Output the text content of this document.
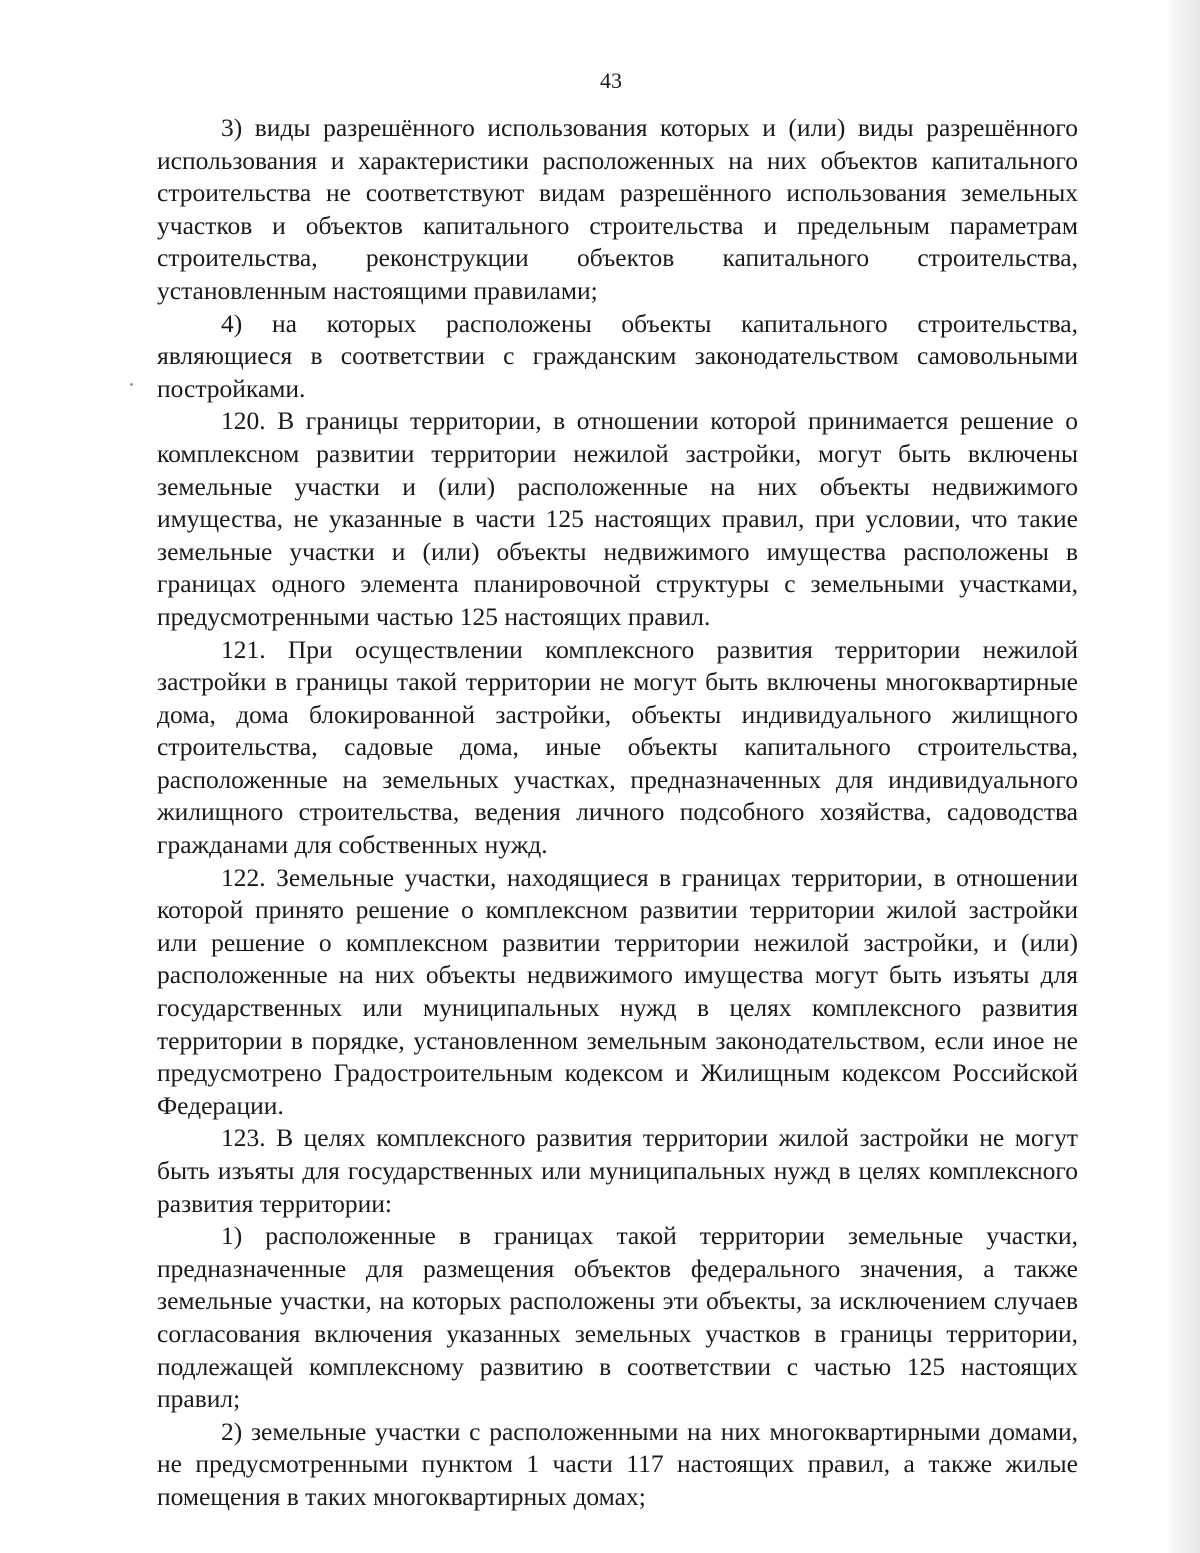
43

3) виды разрешённого использования которых и (или) виды разрешённого использования и характеристики расположенных на них объектов капитального строительства не соответствуют видам разрешённого использования земельных участков и объектов капитального строительства и предельным параметрам строительства, реконструкции объектов капитального строительства, установленным настоящими правилами;

4) на которых расположены объекты капитального строительства, являющиеся в соответствии с гражданским законодательством самовольными постройками.

120. В границы территории, в отношении которой принимается решение о комплексном развитии территории нежилой застройки, могут быть включены земельные участки и (или) расположенные на них объекты недвижимого имущества, не указанные в части 125 настоящих правил, при условии, что такие земельные участки и (или) объекты недвижимого имущества расположены в границах одного элемента планировочной структуры с земельными участками, предусмотренными частью 125 настоящих правил.

121. При осуществлении комплексного развития территории нежилой застройки в границы такой территории не могут быть включены многоквартирные дома, дома блокированной застройки, объекты индивидуального жилищного строительства, садовые дома, иные объекты капитального строительства, расположенные на земельных участках, предназначенных для индивидуального жилищного строительства, ведения личного подсобного хозяйства, садоводства гражданами для собственных нужд.

122. Земельные участки, находящиеся в границах территории, в отношении которой принято решение о комплексном развитии территории жилой застройки или решение о комплексном развитии территории нежилой застройки, и (или) расположенные на них объекты недвижимого имущества могут быть изъяты для государственных или муниципальных нужд в целях комплексного развития территории в порядке, установленном земельным законодательством, если иное не предусмотрено Градостроительным кодексом и Жилищным кодексом Российской Федерации.

123. В целях комплексного развития территории жилой застройки не могут быть изъяты для государственных или муниципальных нужд в целях комплексного развития территории:

1) расположенные в границах такой территории земельные участки, предназначенные для размещения объектов федерального значения, а также земельные участки, на которых расположены эти объекты, за исключением случаев согласования включения указанных земельных участков в границы территории, подлежащей комплексному развитию в соответствии с частью 125 настоящих правил;

2) земельные участки с расположенными на них многоквартирными домами, не предусмотренными пунктом 1 части 117 настоящих правил, а также жилые помещения в таких многоквартирных домах;
